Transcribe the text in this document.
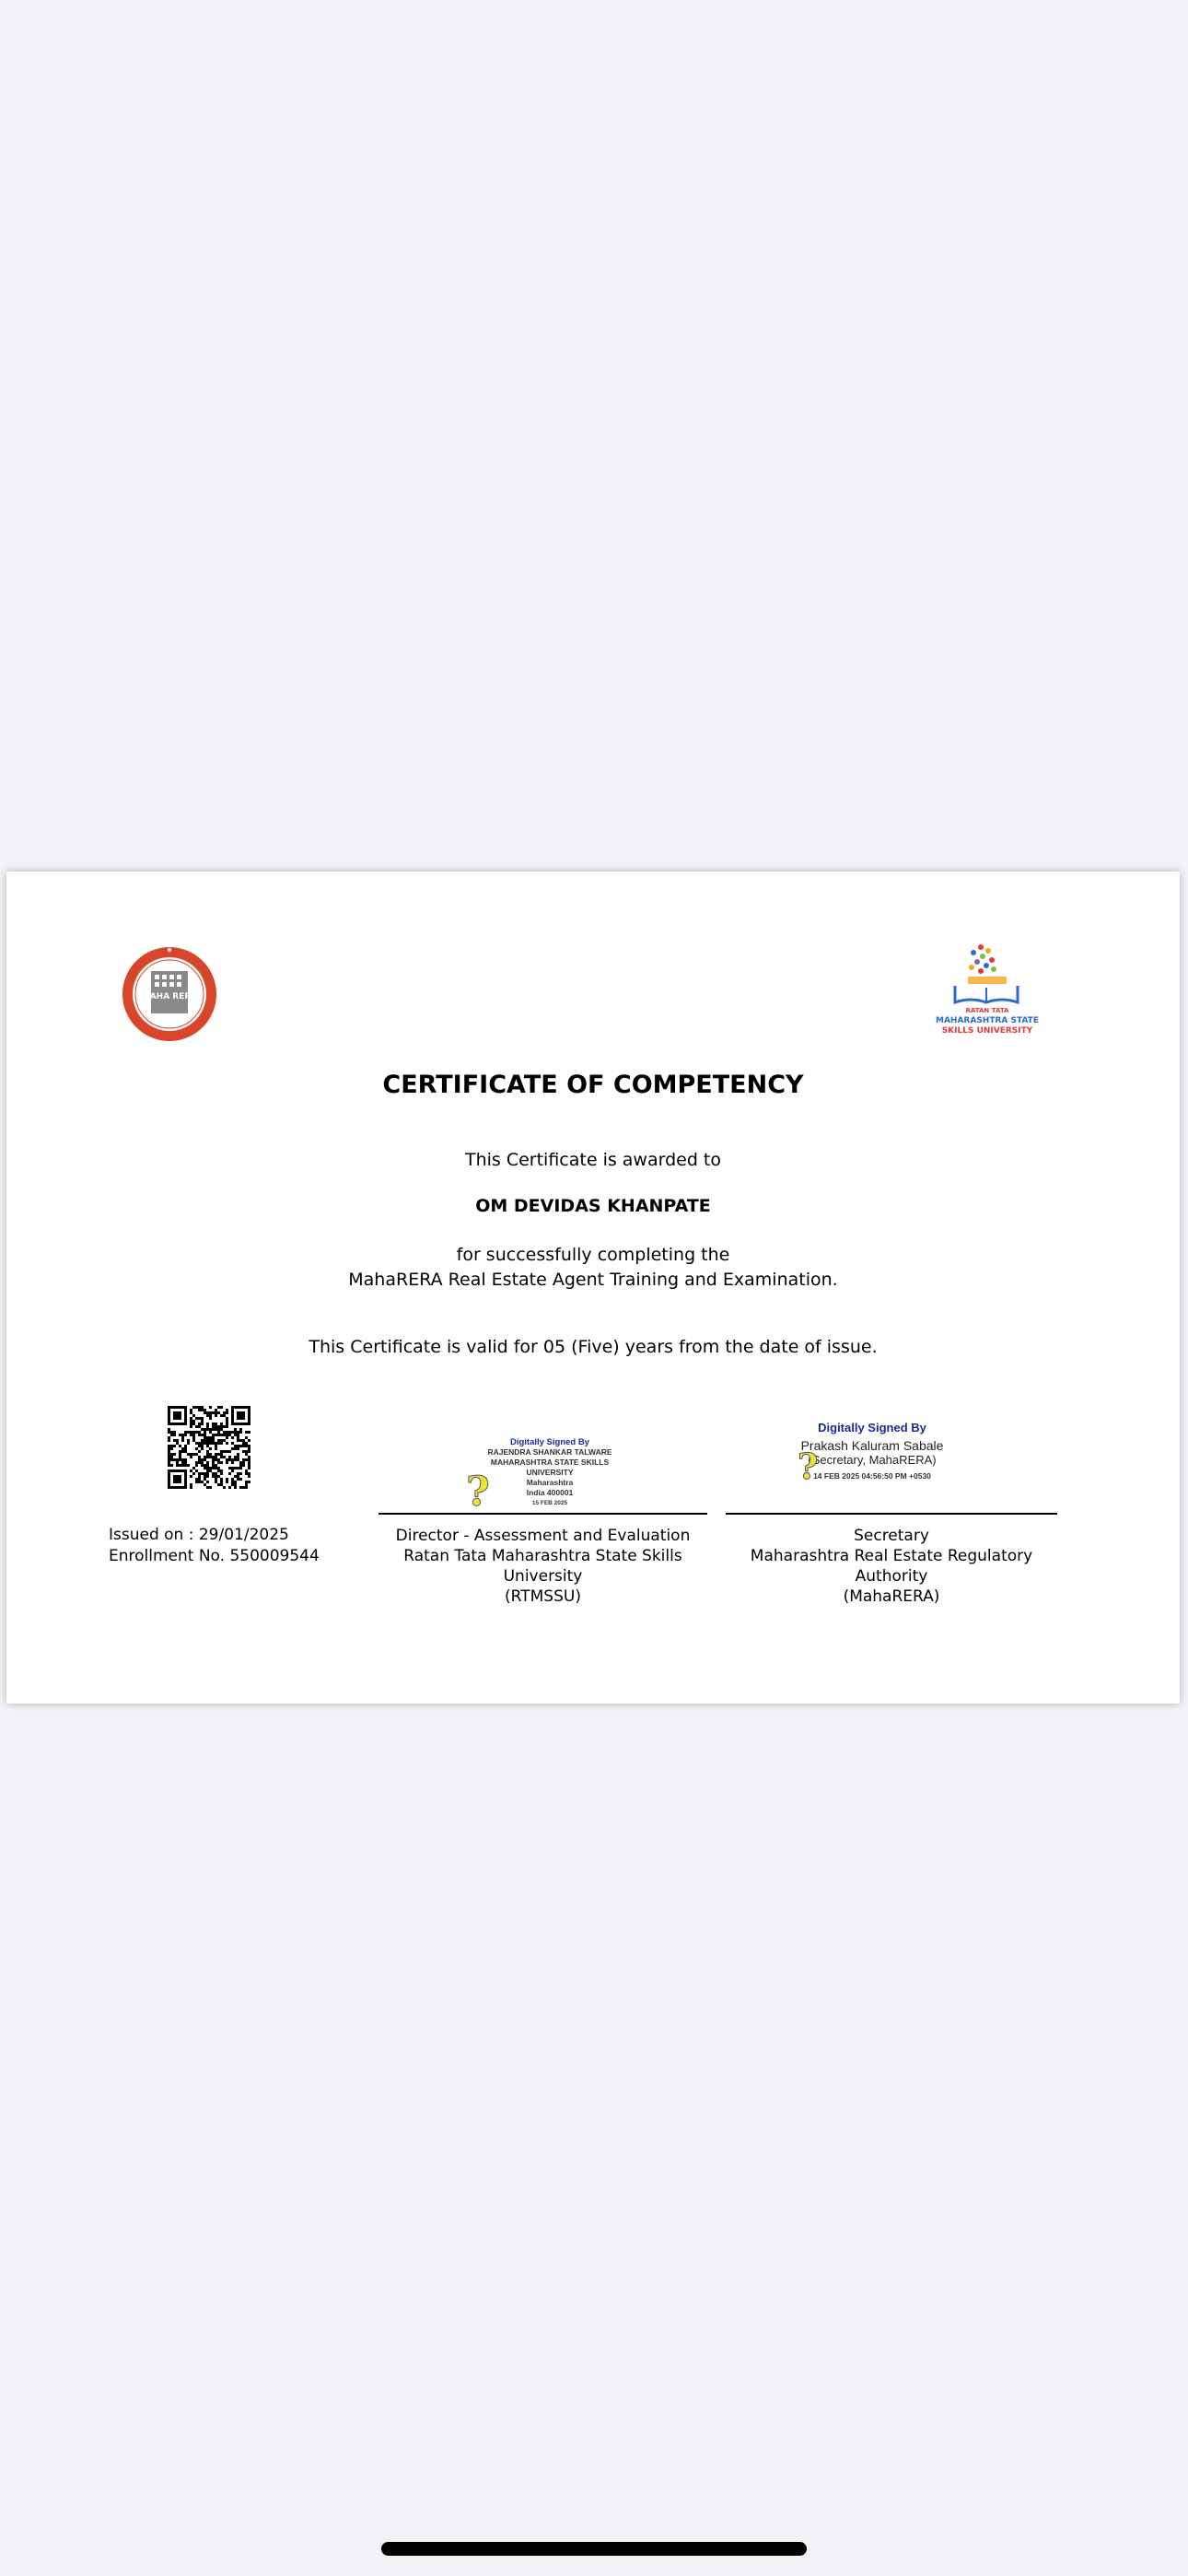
MAHA RERA
RATAN TATA
MAHARASHTRA STATE
SKILLS UNIVERSITY
CERTIFICATE OF COMPETENCY
This Certificate is awarded to
OM DEVIDAS KHANPATE
for successfully completing the
MahaRERA Real Estate Agent Training and Examination.
This Certificate is valid for 05 (Five) years from the date of issue.
Issued on : 29/01/2025
Enrollment No. 550009544
Digitally Signed By
RAJENDRA SHANKAR TALWARE
MAHARASHTRA STATE SKILLS
UNIVERSITY
Maharashtra
India 400001
15 FEB 2025
?
Director - Assessment and Evaluation
Ratan Tata Maharashtra State Skills University
(RTMSSU)
Digitally Signed By
Prakash Kaluram Sabale
(Secretary, MahaRERA)
14 FEB 2025 04:56:50 PM +0530
?
Secretary
Maharashtra Real Estate Regulatory Authority
(MahaRERA)
